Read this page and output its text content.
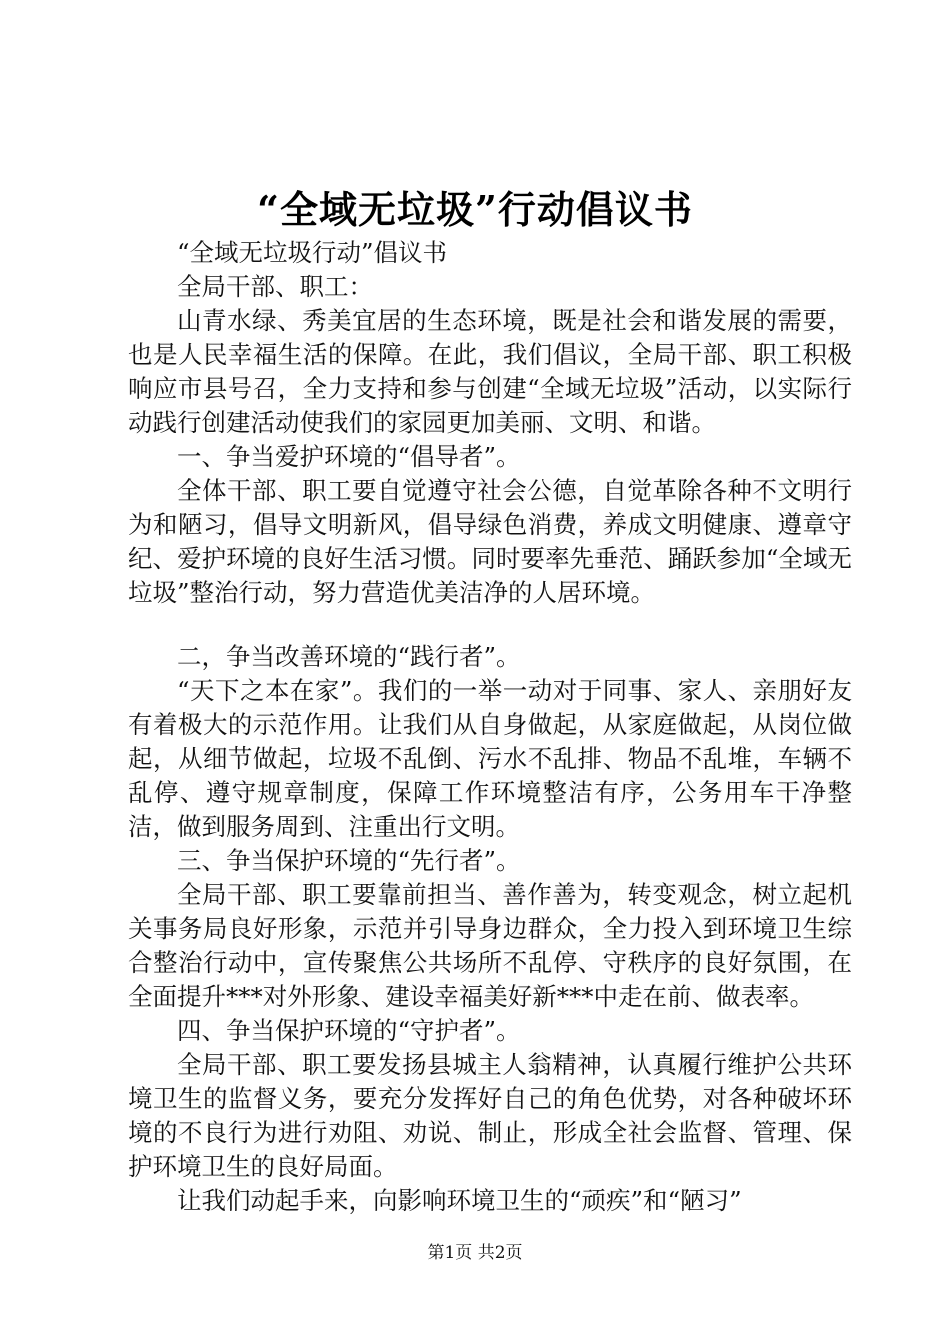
“全域无垃圾”行动倡议书

“全域无垃圾行动”倡议书

全局干部、职工：

山青水绿、秀美宜居的生态环境，既是社会和谐发展的需要，也是人民幸福生活的保障。在此，我们倡议，全局干部、职工积极响应市县号召，全力支持和参与创建“全域无垃圾”活动，以实际行动践行创建活动使我们的家园更加美丽、文明、和谐。

一、争当爱护环境的“倡导者”。

全体干部、职工要自觉遵守社会公德，自觉革除各种不文明行为和陋习，倡导文明新风，倡导绿色消费，养成文明健康、遵章守纪、爱护环境的良好生活习惯。同时要率先垂范、踊跃参加“全域无垃圾”整治行动，努力营造优美洁净的人居环境。

二，争当改善环境的“践行者”。

“天下之本在家”。我们的一举一动对于同事、家人、亲朋好友有着极大的示范作用。让我们从自身做起，从家庭做起，从岗位做起，从细节做起，垃圾不乱倒、污水不乱排、物品不乱堆，车辆不乱停、遵守规章制度，保障工作环境整洁有序，公务用车干净整洁，做到服务周到、注重出行文明。

三、争当保护环境的“先行者”。

全局干部、职工要靠前担当、善作善为，转变观念，树立起机关事务局良好形象，示范并引导身边群众，全力投入到环境卫生综合整治行动中，宣传聚焦公共场所不乱停、守秩序的良好氛围，在全面提升***对外形象、建设幸福美好新***中走在前、做表率。

四、争当保护环境的“守护者”。

全局干部、职工要发扬县城主人翁精神，认真履行维护公共环境卫生的监督义务，要充分发挥好自己的角色优势，对各种破坏环境的不良行为进行劝阻、劝说、制止，形成全社会监督、管理、保护环境卫生的良好局面。

让我们动起手来，向影响环境卫生的“顽疾”和“陋习”

第1页 共2页
